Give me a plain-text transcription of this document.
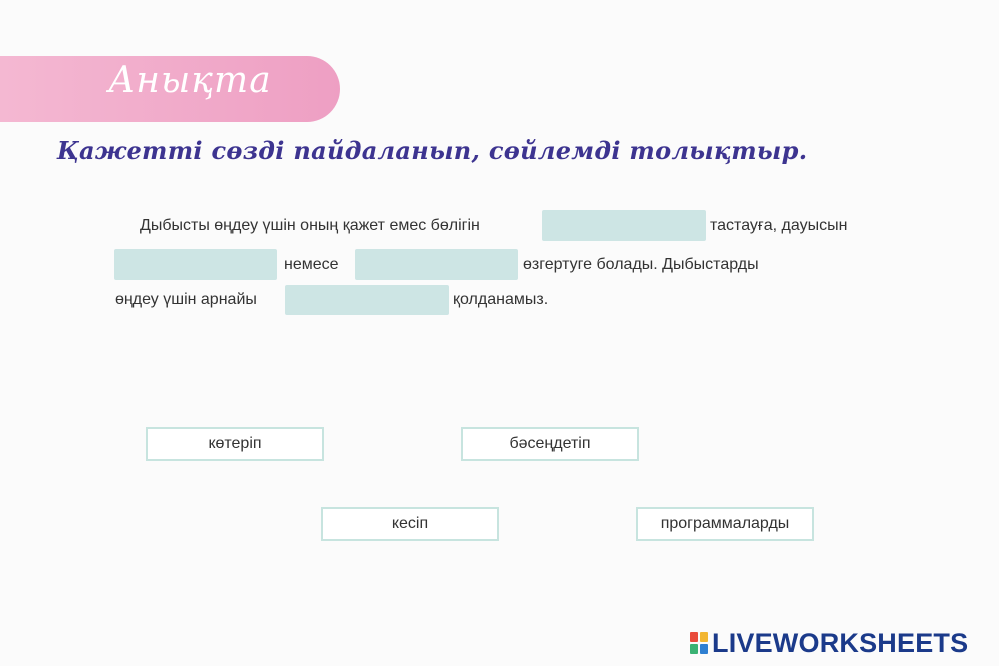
Анықта
Қажетті сөзді пайдаланып, сөйлемді толықтыр.
Дыбысты өңдеу үшін оның қажет емес бөлігін	тастауға, дауысын
немесе	өзгертуге болады. Дыбыстарды
өңдеу үшін арнайы	қолданамыз.
көтеріп	бәсеңдетіп
кесіп	программаларды
LIVEWORKSHEETS
